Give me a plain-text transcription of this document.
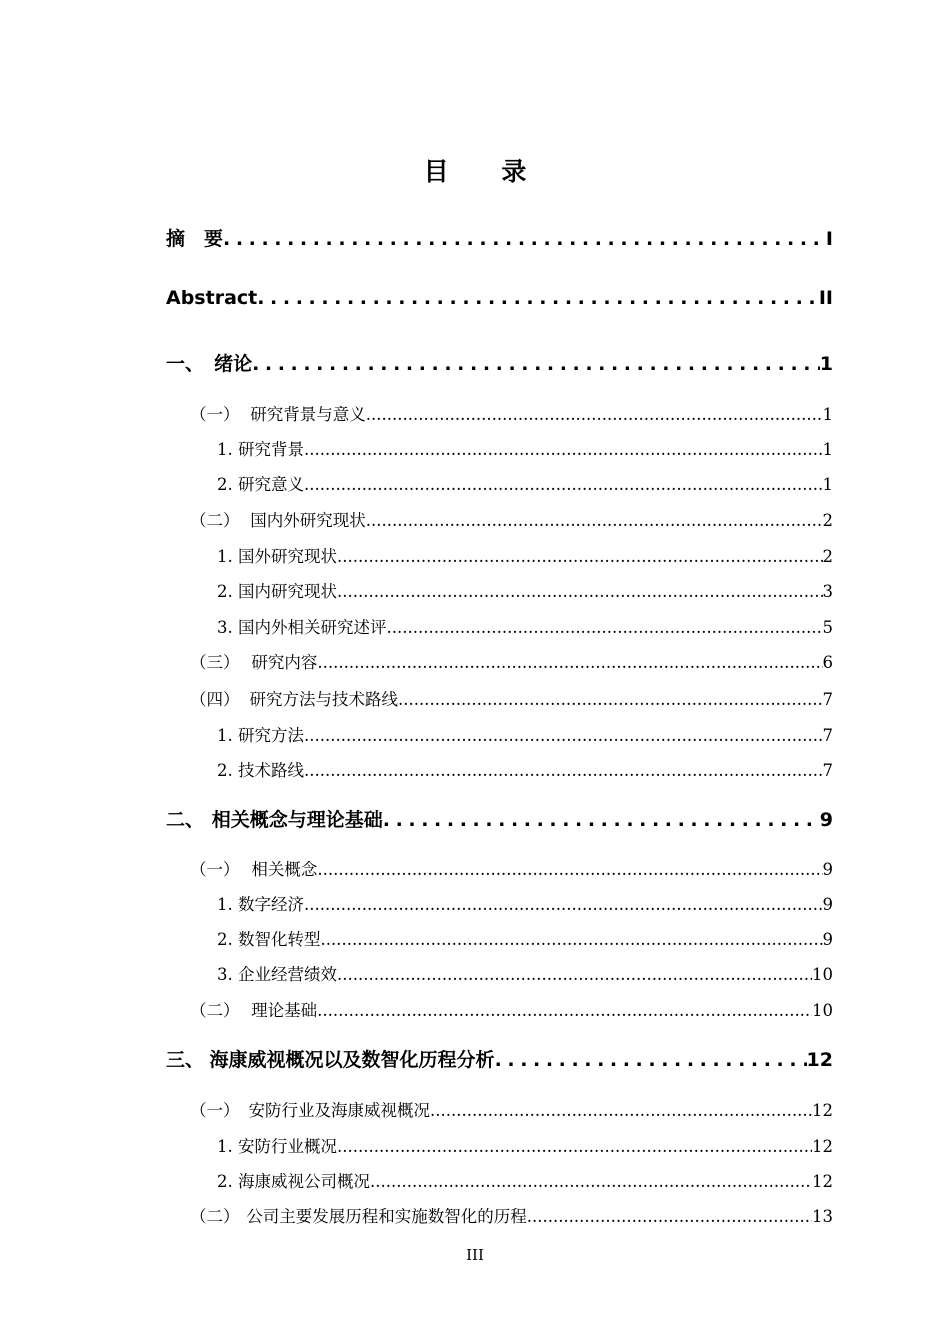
目 录
摘　要 .....	I
Abstract .....	II
一、 绪论 .....	1
（一） 研究背景与意义 .....	1
1. 研究背景 .....	1
2. 研究意义 .....	1
（二） 国内外研究现状 .....	2
1. 国外研究现状 .....	2
2. 国内研究现状 .....	3
3. 国内外相关研究述评 .....	5
（三） 研究内容 .....	6
（四） 研究方法与技术路线 .....	7
1. 研究方法 .....	7
2. 技术路线 .....	7
二、 相关概念与理论基础 .....	9
（一） 相关概念 .....	9
1. 数字经济 .....	9
2. 数智化转型 .....	9
3. 企业经营绩效 .....	10
（二） 理论基础 .....	10
三、 海康威视概况以及数智化历程分析 .....	12
（一） 安防行业及海康威视概况 .....	12
1. 安防行业概况 .....	12
2. 海康威视公司概况 .....	12
（二） 公司主要发展历程和实施数智化的历程 .....	13
III
